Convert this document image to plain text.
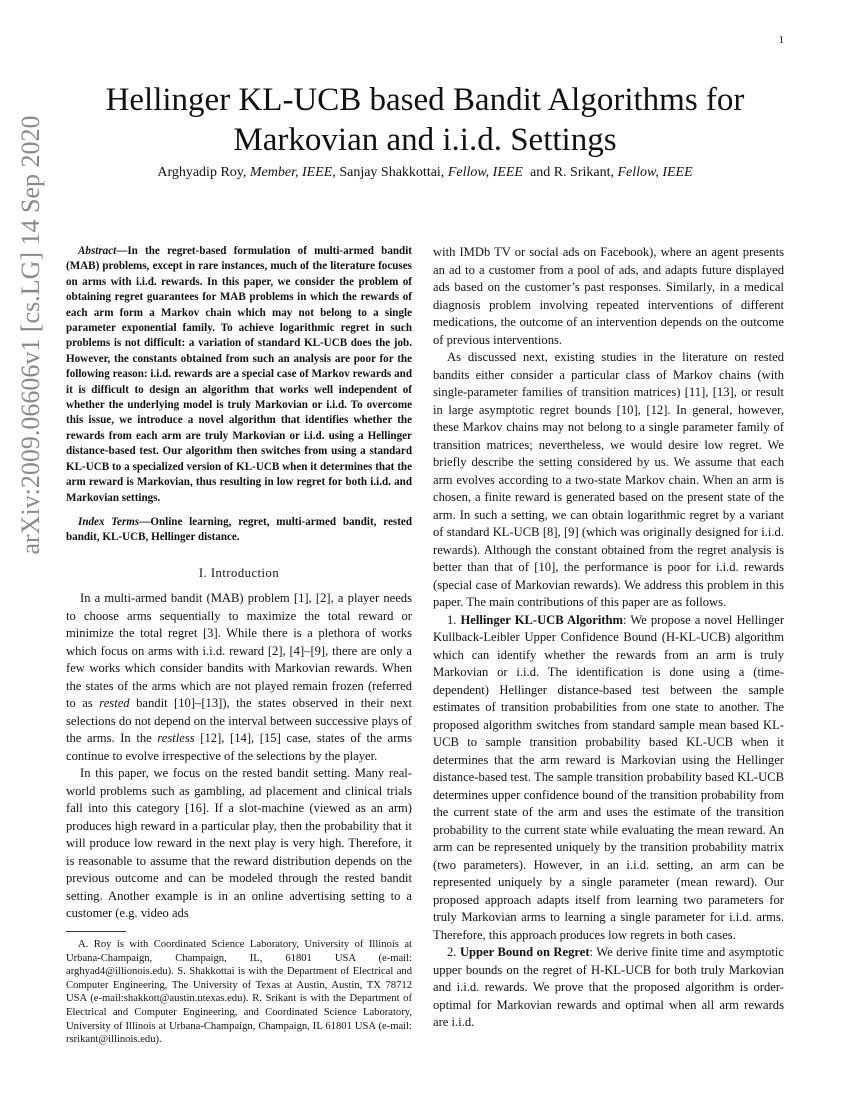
1
arXiv:2009.06606v1 [cs.LG] 14 Sep 2020
Hellinger KL-UCB based Bandit Algorithms for
Markovian and i.i.d. Settings
Arghyadip Roy, Member, IEEE, Sanjay Shakkottai, Fellow, IEEE and R. Srikant, Fellow, IEEE

Abstract—In the regret-based formulation of multi-armed bandit (MAB) problems, except in rare instances, much of the literature focuses on arms with i.i.d. rewards. In this paper, we consider the problem of obtaining regret guarantees for MAB problems in which the rewards of each arm form a Markov chain which may not belong to a single parameter exponential family. To achieve logarithmic regret in such problems is not difficult: a variation of standard KL-UCB does the job. However, the constants obtained from such an analysis are poor for the following reason: i.i.d. rewards are a special case of Markov rewards and it is difficult to design an algorithm that works well independent of whether the underlying model is truly Markovian or i.i.d. To overcome this issue, we introduce a novel algorithm that identifies whether the rewards from each arm are truly Markovian or i.i.d. using a Hellinger distance-based test. Our algorithm then switches from using a standard KL-UCB to a specialized version of KL-UCB when it determines that the arm reward is Markovian, thus resulting in low regret for both i.i.d. and Markovian settings.

Index Terms—Online learning, regret, multi-armed bandit, rested bandit, KL-UCB, Hellinger distance.

I. Introduction

In a multi-armed bandit (MAB) problem [1], [2], a player needs to choose arms sequentially to maximize the total reward or minimize the total regret [3]. While there is a plethora of works which focus on arms with i.i.d. reward [2], [4]–[9], there are only a few works which consider bandits with Markovian rewards. When the states of the arms which are not played remain frozen (referred to as rested bandit [10]–[13]), the states observed in their next selections do not depend on the interval between successive plays of the arms. In the restless [12], [14], [15] case, states of the arms continue to evolve irrespective of the selections by the player.

In this paper, we focus on the rested bandit setting. Many real-world problems such as gambling, ad placement and clinical trials fall into this category [16]. If a slot-machine (viewed as an arm) produces high reward in a particular play, then the probability that it will produce low reward in the next play is very high. Therefore, it is reasonable to assume that the reward distribution depends on the previous outcome and can be modeled through the rested bandit setting. Another example is in an online advertising setting to a customer (e.g. video ads

A. Roy is with Coordinated Science Laboratory, University of Illinois at Urbana-Champaign, Champaign, IL, 61801 USA (e-mail: arghyad4@illionois.edu). S. Shakkottai is with the Department of Electrical and Computer Engineering, The University of Texas at Austin, Austin, TX 78712 USA (e-mail:shakkott@austin.utexas.edu). R. Srikant is with the Department of Electrical and Computer Engineering, and Coordinated Science Laboratory, University of Illinois at Urbana-Champaign, Champaign, IL 61801 USA (e-mail: rsrikant@illinois.edu).

with IMDb TV or social ads on Facebook), where an agent presents an ad to a customer from a pool of ads, and adapts future displayed ads based on the customer’s past responses. Similarly, in a medical diagnosis problem involving repeated interventions of different medications, the outcome of an intervention depends on the outcome of previous interventions.

As discussed next, existing studies in the literature on rested bandits either consider a particular class of Markov chains (with single-parameter families of transition matrices) [11], [13], or result in large asymptotic regret bounds [10], [12]. In general, however, these Markov chains may not belong to a single parameter family of transition matrices; nevertheless, we would desire low regret. We briefly describe the setting considered by us. We assume that each arm evolves according to a two-state Markov chain. When an arm is chosen, a finite reward is generated based on the present state of the arm. In such a setting, we can obtain logarithmic regret by a variant of standard KL-UCB [8], [9] (which was originally designed for i.i.d. rewards). Although the constant obtained from the regret analysis is better than that of [10], the performance is poor for i.i.d. rewards (special case of Markovian rewards). We address this problem in this paper. The main contributions of this paper are as follows.

1. Hellinger KL-UCB Algorithm: We propose a novel Hellinger Kullback-Leibler Upper Confidence Bound (H-KL-UCB) algorithm which can identify whether the rewards from an arm is truly Markovian or i.i.d. The identification is done using a (time-dependent) Hellinger distance-based test between the sample estimates of transition probabilities from one state to another. The proposed algorithm switches from standard sample mean based KL-UCB to sample transition probability based KL-UCB when it determines that the arm reward is Markovian using the Hellinger distance-based test. The sample transition probability based KL-UCB determines upper confidence bound of the transition probability from the current state of the arm and uses the estimate of the transition probability to the current state while evaluating the mean reward. An arm can be represented uniquely by the transition probability matrix (two parameters). However, in an i.i.d. setting, an arm can be represented uniquely by a single parameter (mean reward). Our proposed approach adapts itself from learning two parameters for truly Markovian arms to learning a single parameter for i.i.d. arms. Therefore, this approach produces low regrets in both cases.

2. Upper Bound on Regret: We derive finite time and asymptotic upper bounds on the regret of H-KL-UCB for both truly Markovian and i.i.d. rewards. We prove that the proposed algorithm is order-optimal for Markovian rewards and optimal when all arm rewards are i.i.d.
